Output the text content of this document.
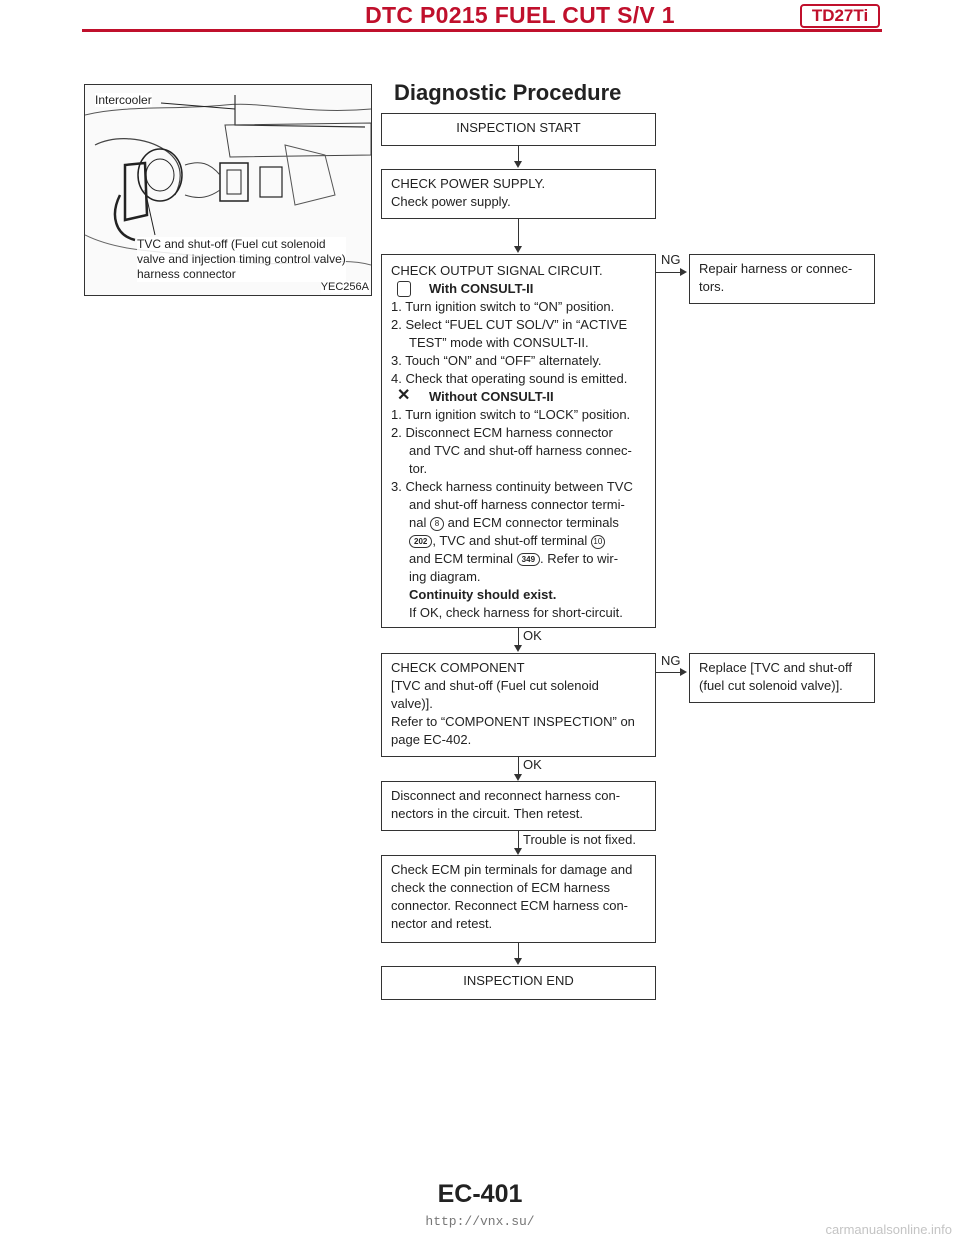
DTC P0215 FUEL CUT S/V 1	TD27Ti
Intercooler
TVC and shut-off (Fuel cut solenoid
valve and injection timing control valve)
harness connector
YEC256A
Diagnostic Procedure
INSPECTION START
CHECK POWER SUPPLY.
Check power supply.
CHECK OUTPUT SIGNAL CIRCUIT.
With CONSULT-II
1. Turn ignition switch to “ON” position.
2. Select “FUEL CUT SOL/V” in “ACTIVE
TEST” mode with CONSULT-II.
3. Touch “ON” and “OFF” alternately.
4. Check that operating sound is emitted.
✕ Without CONSULT-II
1. Turn ignition switch to “LOCK” position.
2. Disconnect ECM harness connector
and TVC and shut-off harness connec-
tor.
3. Check harness continuity between TVC
and shut-off harness connector termi-
nal 8 and ECM connector terminals
202 , TVC and shut-off terminal 10
and ECM terminal 349 . Refer to wir-
ing diagram.
Continuity should exist.
If OK, check harness for short-circuit.
NG
Repair harness or connec-
tors.
OK
CHECK COMPONENT
[TVC and shut-off (Fuel cut solenoid
valve)].
Refer to “COMPONENT INSPECTION” on
page EC-402.
NG Replace [TVC and shut-off
(fuel cut solenoid valve)].
OK
Disconnect and reconnect harness con-
nectors in the circuit. Then retest.
Trouble is not fixed.
Check ECM pin terminals for damage and
check the connection of ECM harness
connector. Reconnect ECM harness con-
nector and retest.
INSPECTION END
EC-401
http://vnx.su/
carmanualsonline.info
